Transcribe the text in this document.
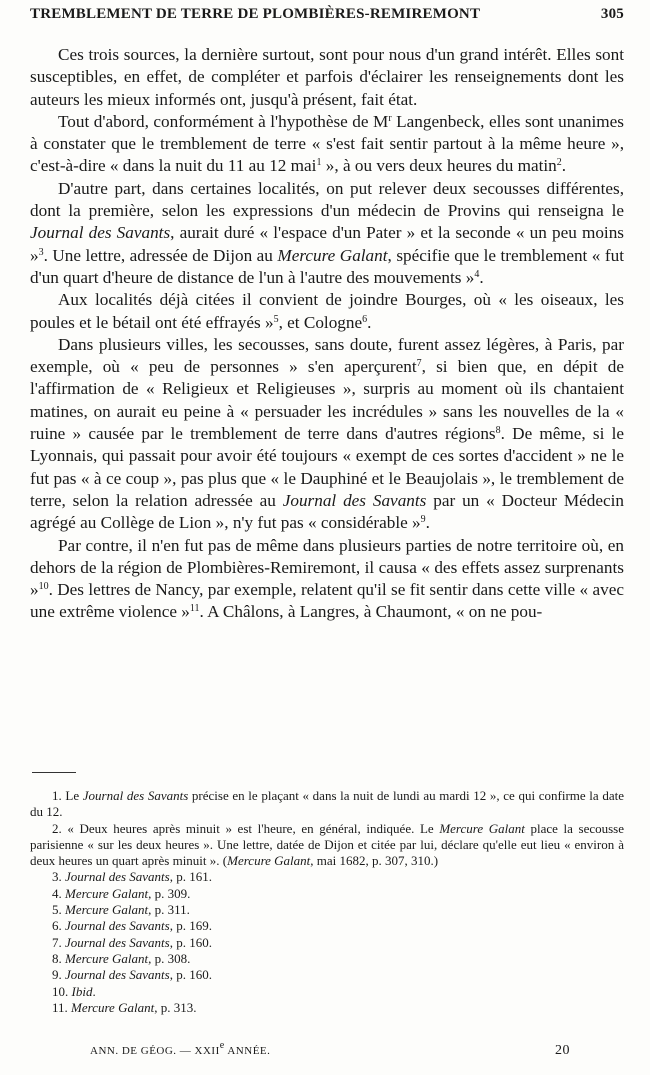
TREMBLEMENT DE TERRE DE PLOMBIÈRES-REMIREMONT	305

Ces trois sources, la dernière surtout, sont pour nous d'un grand intérêt. Elles sont susceptibles, en effet, de compléter et parfois d'éclairer les renseignements dont les auteurs les mieux informés ont, jusqu'à présent, fait état.

Tout d'abord, conformément à l'hypothèse de $M^r$ Langenbeck, elles sont unanimes à constater que le tremblement de terre « s'est fait sentir partout à la même heure », c'est-à-dire « dans la nuit du 11 au 12 mai$^1$ », à ou vers deux heures du matin$^2$.

D'autre part, dans certaines localités, on put relever deux secousses différentes, dont la première, selon les expressions d'un médecin de Provins qui renseigna le Journal des Savants, aurait duré « l'espace d'un Pater » et la seconde « un peu moins »$^3$. Une lettre, adressée de Dijon au Mercure Galant, spécifie que le tremblement « fut d'un quart d'heure de distance de l'un à l'autre des mouvements »$^4$.

Aux localités déjà citées il convient de joindre Bourges, où « les oiseaux, les poules et le bétail ont été effrayés »$^5$, et Cologne$^6$.

Dans plusieurs villes, les secousses, sans doute, furent assez légères, à Paris, par exemple, où « peu de personnes » s'en aperçurent$^7$, si bien que, en dépit de l'affirmation de « Religieux et Religieuses », surpris au moment où ils chantaient matines, on aurait eu peine à « persuader les incrédules » sans les nouvelles de la « ruine » causée par le tremblement de terre dans d'autres régions$^8$. De même, si le Lyonnais, qui passait pour avoir été toujours « exempt de ces sortes d'accident » ne le fut pas « à ce coup », pas plus que « le Dauphiné et le Beaujolais », le tremblement de terre, selon la relation adressée au Journal des Savants par un « Docteur Médecin agrégé au Collège de Lion », n'y fut pas « considérable »$^9$.

Par contre, il n'en fut pas de même dans plusieurs parties de notre territoire où, en dehors de la région de Plombières-Remiremont, il causa « des effets assez surprenants »$^{10}$. Des lettres de Nancy, par exemple, relatent qu'il se fit sentir dans cette ville « avec une extrême violence »$^{11}$. A Châlons, à Langres, à Chaumont, « on ne pou-

1. Le Journal des Savants précise en le plaçant « dans la nuit de lundi au mardi 12 », ce qui confirme la date du 12.
2. « Deux heures après minuit » est l'heure, en général, indiquée. Le Mercure Galant place la secousse parisienne « sur les deux heures ». Une lettre, datée de Dijon et citée par lui, déclare qu'elle eut lieu « environ à deux heures un quart après minuit ». (Mercure Galant, mai 1682, p. 307, 310.)
3. Journal des Savants, p. 161.
4. Mercure Galant, p. 309.
5. Mercure Galant, p. 311.
6. Journal des Savants, p. 169.
7. Journal des Savants, p. 160.
8. Mercure Galant, p. 308.
9. Journal des Savants, p. 160.
10. Ibid.
11. Mercure Galant, p. 313.
ANN. DE GÉOG. — XXIIe ANNÉE.	20
